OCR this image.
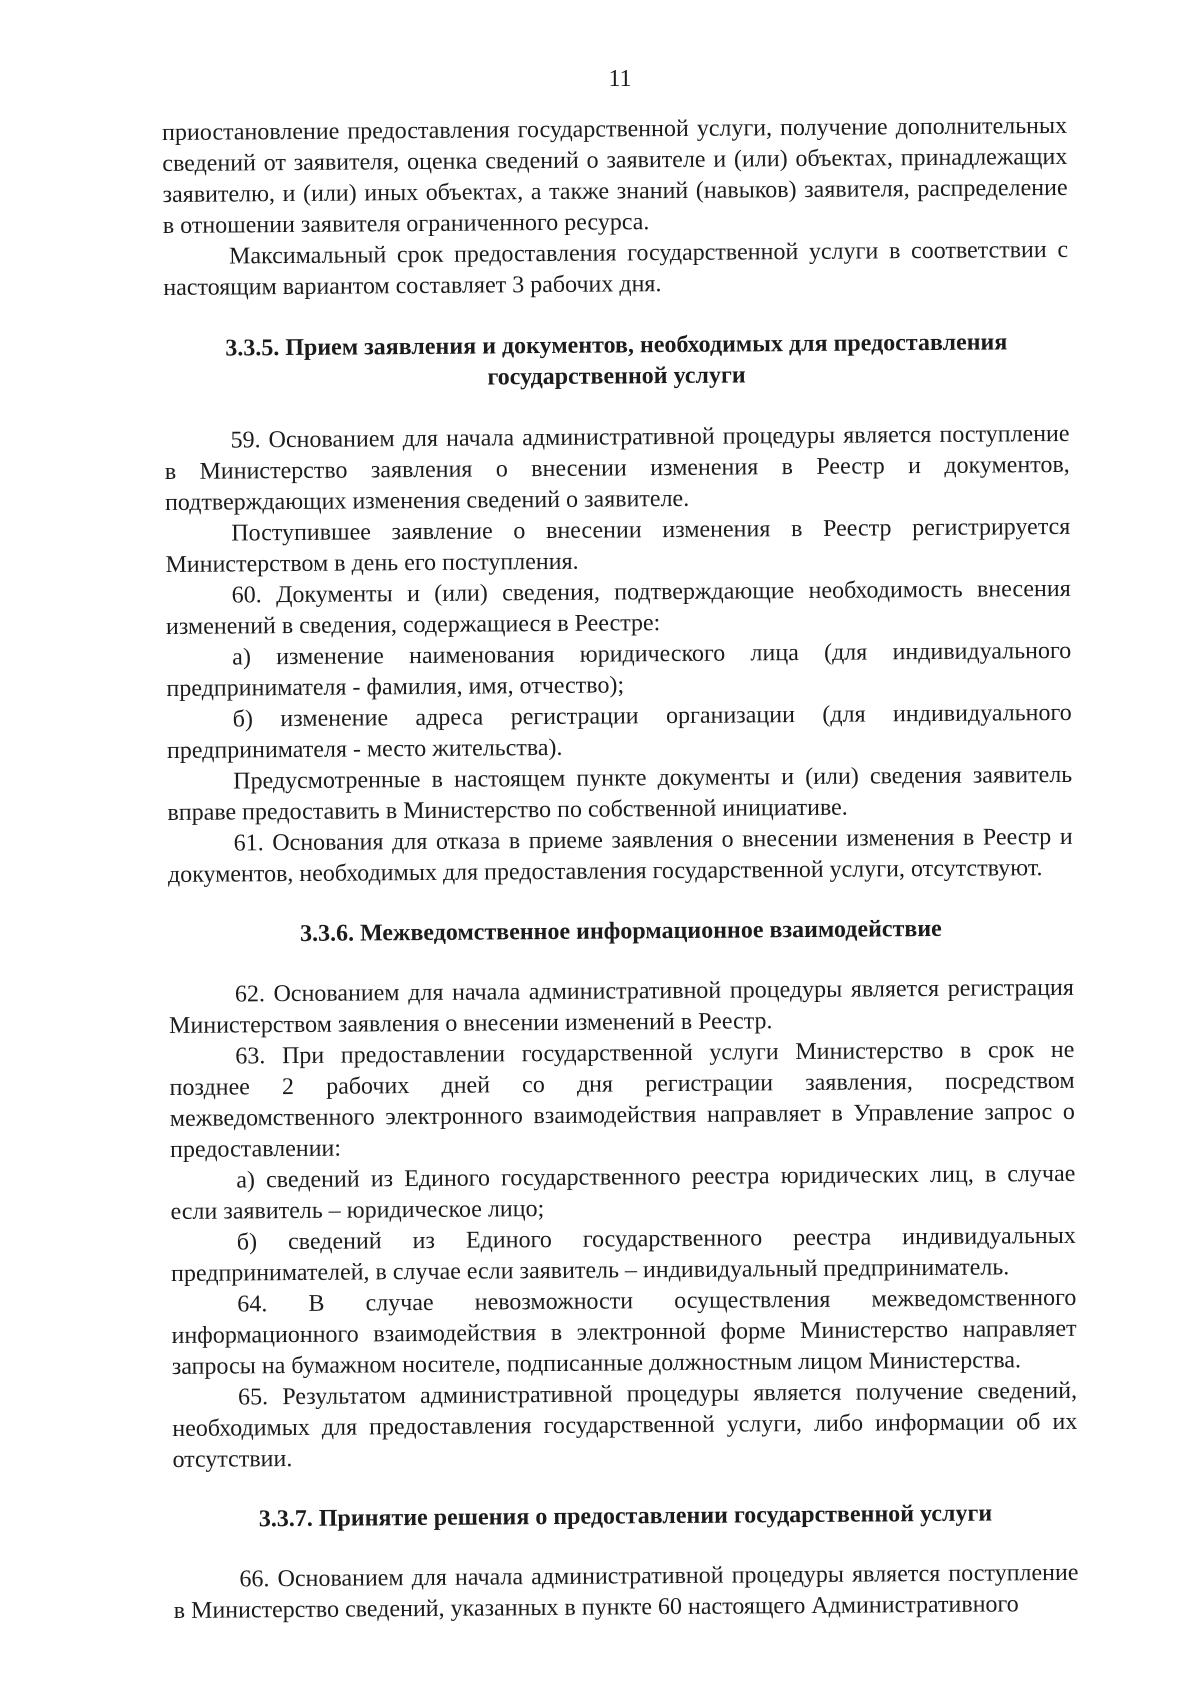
11

приостановление предоставления государственной услуги, получение дополнительных сведений от заявителя, оценка сведений о заявителе и (или) объектах, принадлежащих заявителю, и (или) иных объектах, а также знаний (навыков) заявителя, распределение в отношении заявителя ограниченного ресурса.

Максимальный срок предоставления государственной услуги в соответствии с настоящим вариантом составляет 3 рабочих дня.

3.3.5. Прием заявления и документов, необходимых для предоставления государственной услуги

59. Основанием для начала административной процедуры является поступление в Министерство заявления о внесении изменения в Реестр и документов, подтверждающих изменения сведений о заявителе.

Поступившее заявление о внесении изменения в Реестр регистрируется Министерством в день его поступления.

60. Документы и (или) сведения, подтверждающие необходимость внесения изменений в сведения, содержащиеся в Реестре:

а) изменение наименования юридического лица (для индивидуального предпринимателя - фамилия, имя, отчество);

б) изменение адреса регистрации организации (для индивидуального предпринимателя - место жительства).

Предусмотренные в настоящем пункте документы и (или) сведения заявитель вправе предоставить в Министерство по собственной инициативе.

61. Основания для отказа в приеме заявления о внесении изменения в Реестр и документов, необходимых для предоставления государственной услуги, отсутствуют.

3.3.6. Межведомственное информационное взаимодействие

62. Основанием для начала административной процедуры является регистрация Министерством заявления о внесении изменений в Реестр.

63. При предоставлении государственной услуги Министерство в срок не позднее 2 рабочих дней со дня регистрации заявления, посредством межведомственного электронного взаимодействия направляет в Управление запрос о предоставлении:

а) сведений из Единого государственного реестра юридических лиц, в случае если заявитель – юридическое лицо;

б) сведений из Единого государственного реестра индивидуальных предпринимателей, в случае если заявитель – индивидуальный предприниматель.

64. В случае невозможности осуществления межведомственного информационного взаимодействия в электронной форме Министерство направляет запросы на бумажном носителе, подписанные должностным лицом Министерства.

65. Результатом административной процедуры является получение сведений, необходимых для предоставления государственной услуги, либо информации об их отсутствии.

3.3.7. Принятие решения о предоставлении государственной услуги

66. Основанием для начала административной процедуры является поступление в Министерство сведений, указанных в пункте 60 настоящего Административного
